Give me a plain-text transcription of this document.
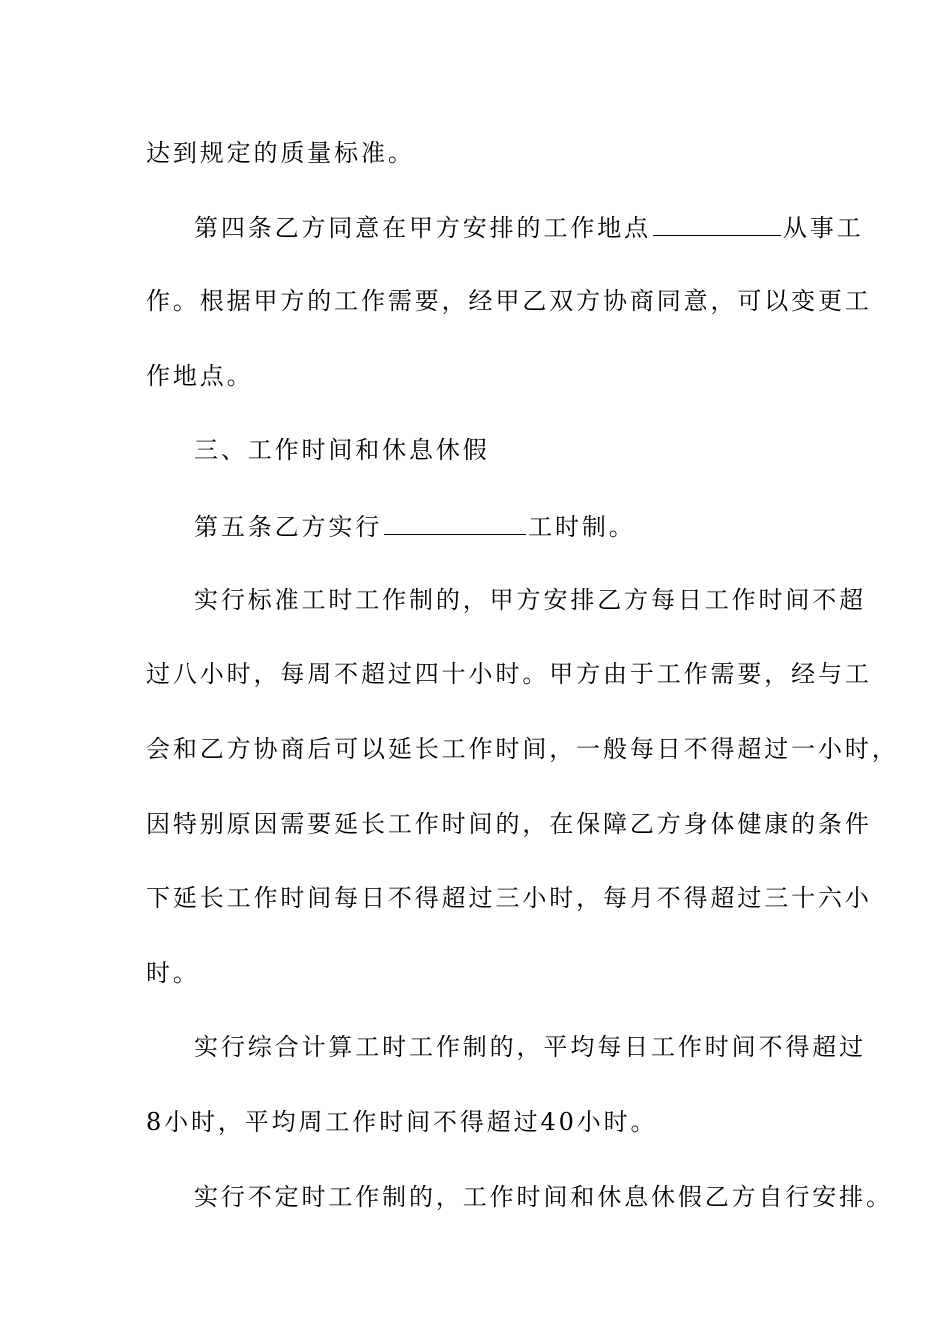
达到规定的质量标准。
第四条乙方同意在甲方安排的工作地点	从事工
作。根据甲方的工作需要，经甲乙双方协商同意，可以变更工
作地点。
三、工作时间和休息休假
第五条乙方实行	工时制。
实行标准工时工作制的，甲方安排乙方每日工作时间不超
过八小时，每周不超过四十小时。甲方由于工作需要，经与工
会和乙方协商后可以延长工作时间，一般每日不得超过一小时，
因特别原因需要延长工作时间的，在保障乙方身体健康的条件
下延长工作时间每日不得超过三小时，每月不得超过三十六小
时。
实行综合计算工时工作制的，平均每日工作时间不得超过
8小时，平均周工作时间不得超过40小时。
实行不定时工作制的，工作时间和休息休假乙方自行安排。
